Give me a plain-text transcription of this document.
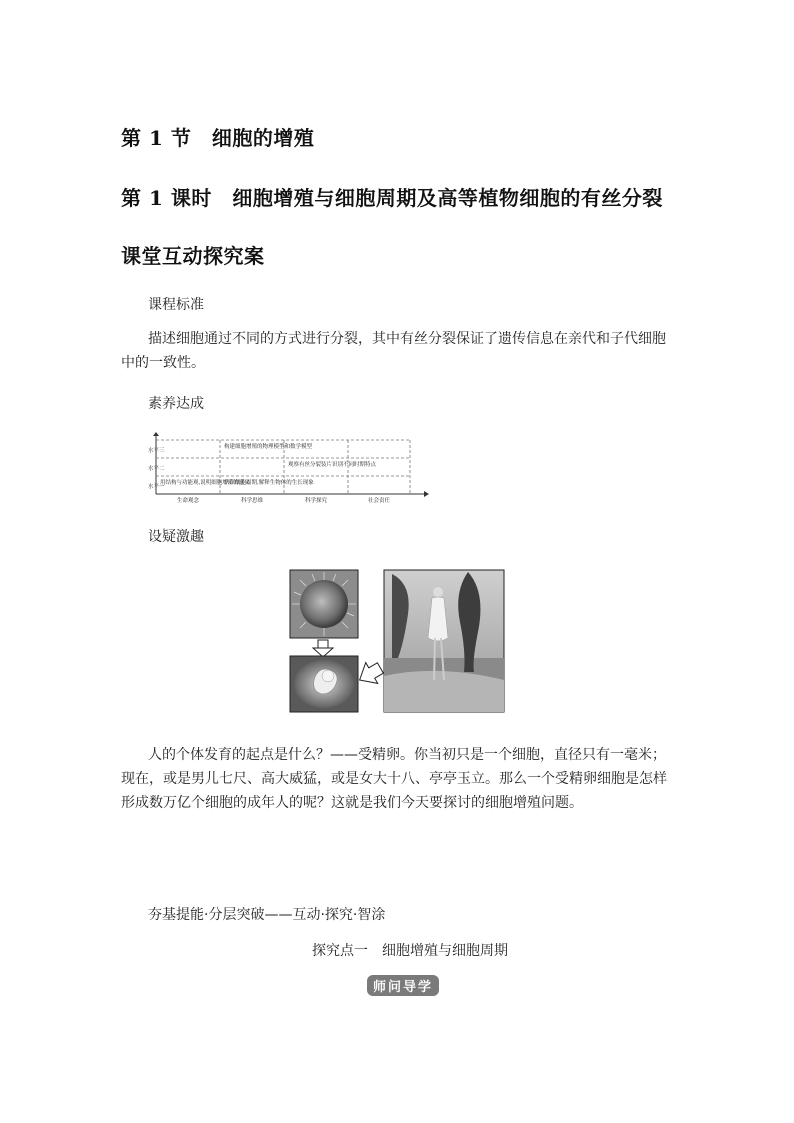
第 1 节　细胞的增殖
第 1 课时　细胞增殖与细胞周期及高等植物细胞的有丝分裂
课堂互动探究案
课程标准
描述细胞通过不同的方式进行分裂，其中有丝分裂保证了遗传信息在亲代和子代细胞中的一致性。
素养达成
水平三
水平二
水平一
构建细胞增殖的物理模型和数学模型
观察有丝分裂装片识别不同时期特点
用结构与功能观,说明细胞增殖的意义
认识细胞周期,解释生物体的生长现象
生命观念	科学思维	科学探究	社会责任
设疑激趣
人的个体发育的起点是什么？——受精卵。你当初只是一个细胞，直径只有一毫米；现在，或是男儿七尺、高大威猛，或是女大十八、亭亭玉立。那么一个受精卵细胞是怎样形成数万亿个细胞的成年人的呢？这就是我们今天要探讨的细胞增殖问题。
夯基提能·分层突破——互动·探究·智涂
探究点一　细胞增殖与细胞周期
师问导学
